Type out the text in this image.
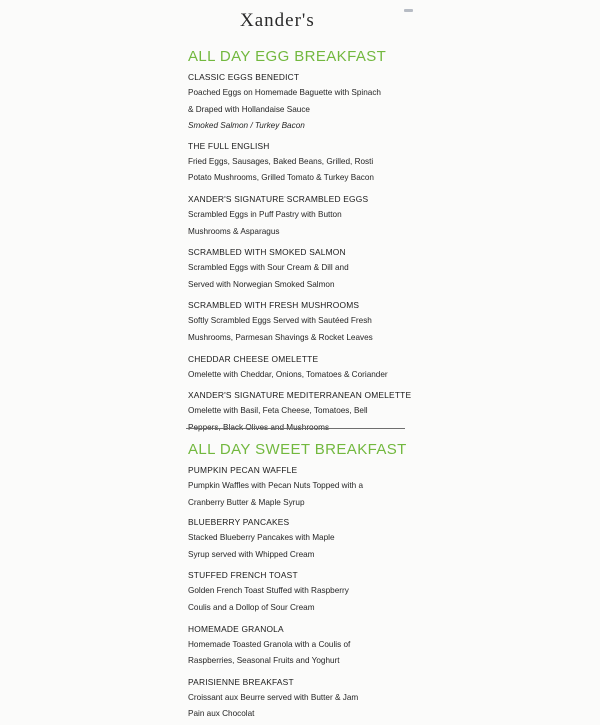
Xander's
ALL DAY EGG BREAKFAST
CLASSIC EGGS BENEDICT
Poached Eggs on Homemade Baguette with Spinach
& Draped with Hollandaise Sauce
Smoked Salmon / Turkey Bacon
THE FULL ENGLISH
Fried Eggs, Sausages, Baked Beans, Grilled, Rosti
Potato Mushrooms, Grilled Tomato & Turkey Bacon
XANDER'S SIGNATURE SCRAMBLED EGGS
Scrambled Eggs in Puff Pastry with Button
Mushrooms & Asparagus
SCRAMBLED WITH SMOKED SALMON
Scrambled Eggs with Sour Cream & Dill and
Served with Norwegian Smoked Salmon
SCRAMBLED WITH FRESH MUSHROOMS
Softly Scrambled Eggs Served with Sautéed Fresh
Mushrooms, Parmesan Shavings & Rocket Leaves
CHEDDAR CHEESE OMELETTE
Omelette with Cheddar, Onions, Tomatoes & Coriander
XANDER'S SIGNATURE MEDITERRANEAN OMELETTE
Omelette with Basil, Feta Cheese, Tomatoes, Bell
Peppers, Black Olives and Mushrooms
ALL DAY SWEET BREAKFAST
PUMPKIN PECAN WAFFLE
Pumpkin Waffles with Pecan Nuts Topped with a
Cranberry Butter & Maple Syrup
BLUEBERRY PANCAKES
Stacked Blueberry Pancakes with Maple
Syrup served with Whipped Cream
STUFFED FRENCH TOAST
Golden French Toast Stuffed with Raspberry
Coulis and a Dollop of Sour Cream
HOMEMADE GRANOLA
Homemade Toasted Granola with a Coulis of
Raspberries, Seasonal Fruits and Yoghurt
PARISIENNE BREAKFAST
Croissant aux Beurre served with Butter & Jam
Pain aux Chocolat
